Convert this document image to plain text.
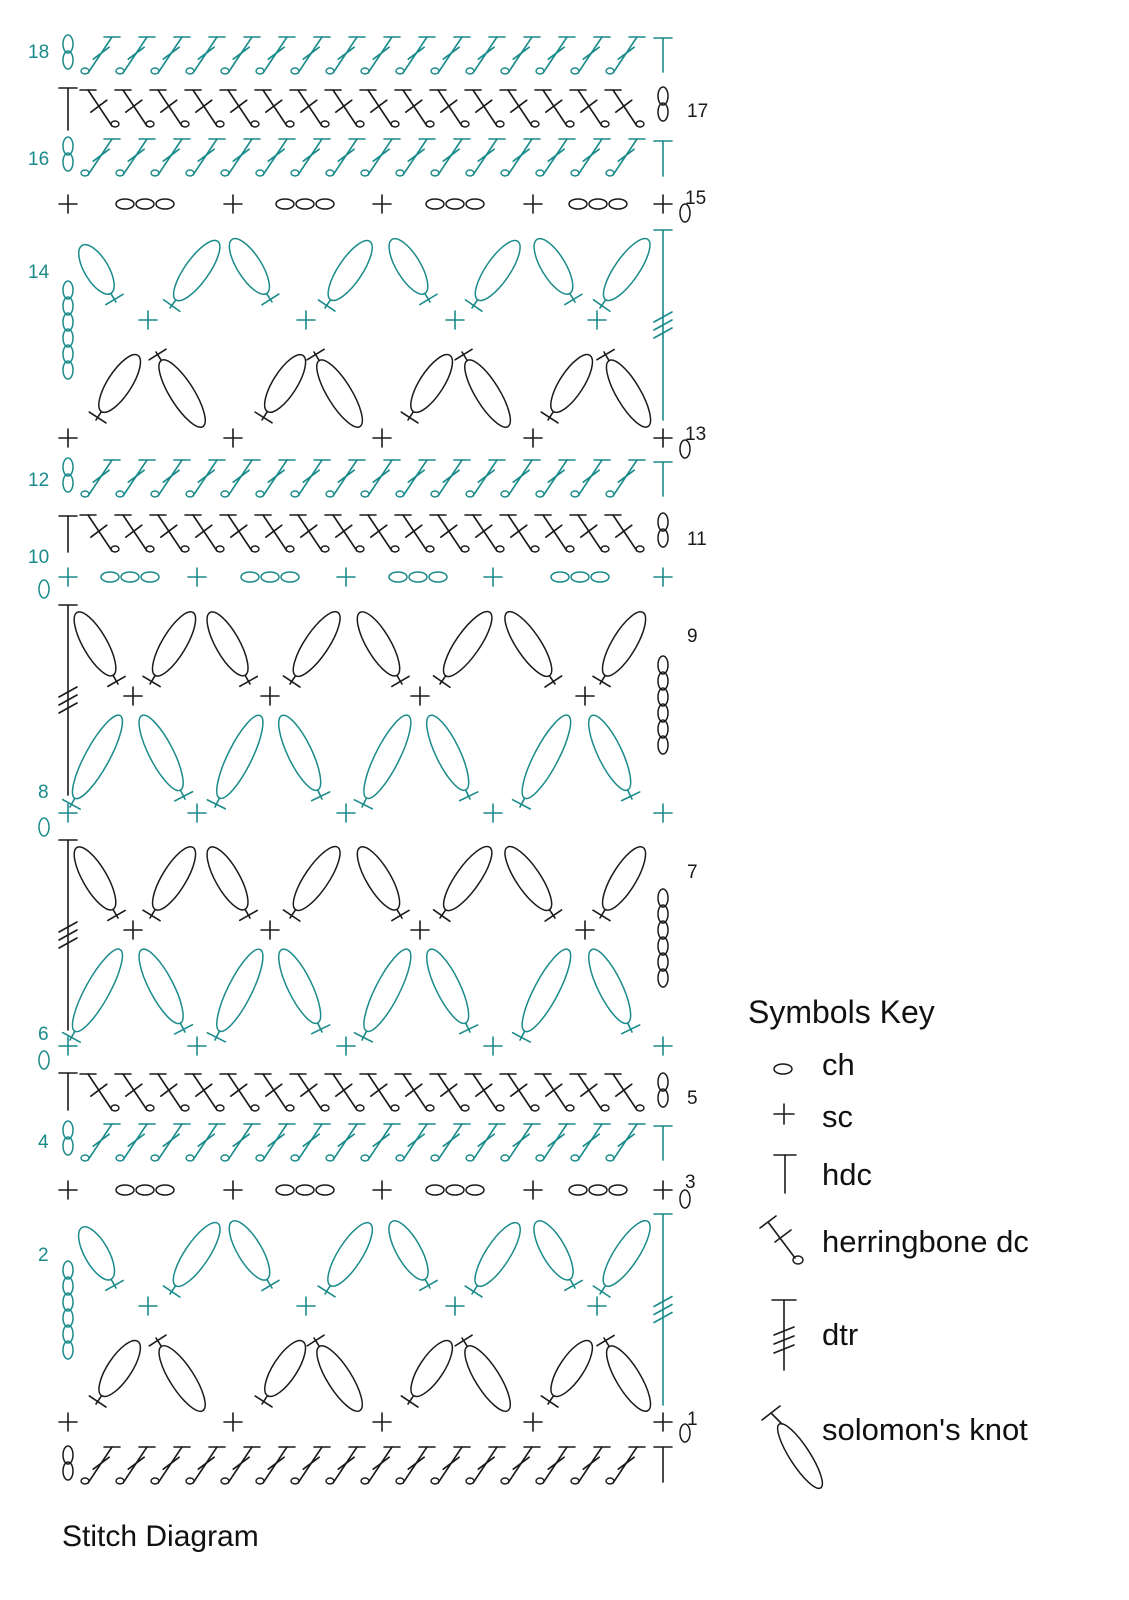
1
2
3
4
5
6
7
8
9
10
11
12
13
14
15
16
17
18
Symbols Key
ch
sc
hdc
herringbone dc
dtr
solomon's knot
Stitch Diagram
